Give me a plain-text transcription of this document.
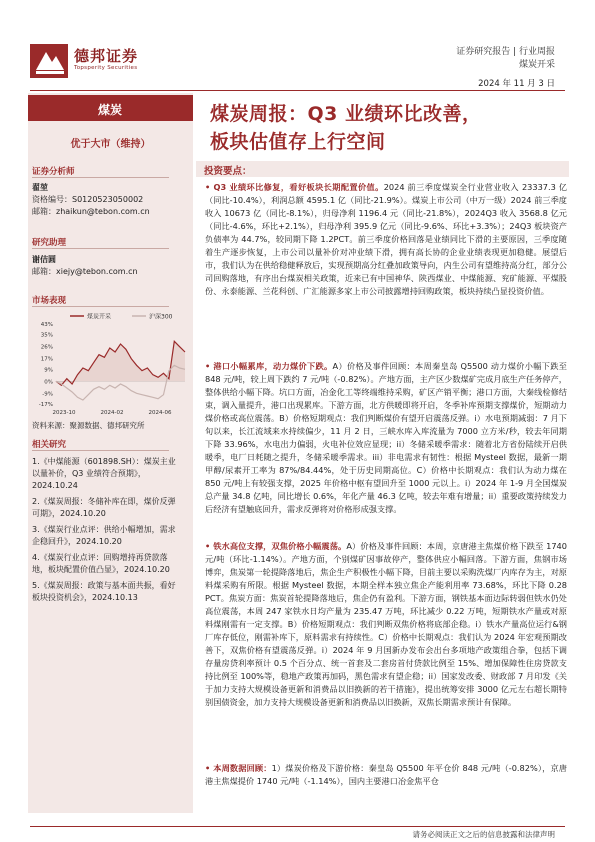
德邦证券
Topsperity Securities
证券研究报告 | 行业周报
煤炭开采
2024 年 11 月 3 日
煤炭
优于大市（维持）
证券分析师
翟堃
资格编号：S0120523050002
邮箱：zhaikun@tebon.com.cn
研究助理
谢佶圆
邮箱：xiejy@tebon.com.cn
市场表现
煤炭开采	沪深300
43%
35%
26%
17%
9%
0%
-9%
-17%
2023-10	2024-02	2024-06
资料来源：聚源数据、德邦研究所
相关研究
1.《中煤能源（601898.SH）：煤炭主业以量补价，Q3 业绩符合预期》，2024.10.24
2.《煤炭周报：冬储补库在即，煤价反弹可期》，2024.10.20
3.《煤炭行业点评：供给小幅增加，需求企稳回升》，2024.10.20
4.《煤炭行业点评：回购增持再贷款落地，板块配置价值凸显》，2024.10.20
5.《煤炭周报：政策与基本面共振，看好板块投资机会》，2024.10.13
煤炭周报：Q3 业绩环比改善，
板块估值存上行空间
投资要点：
• Q3 业绩环比修复，看好板块长期配置价值。2024 前三季度煤炭全行业营业收入 23337.3 亿（同比-10.4%），利润总额 4595.1 亿（同比-21.9%）。煤炭上市公司（中万一级）2024 前三季度收入 10673 亿（同比-8.1%），归母净利 1196.4 元（同比-21.8%），2024Q3 收入 3568.8 亿元（同比-4.6%，环比+2.1%），归母净利 395.9 亿元（同比-9.6%、环比+3.3%）；24Q3 板块资产负债率为 44.7%，较同期下降 1.2PCT。前三季度价格回落是业绩同比下滑的主要原因，三季度随着生产逐步恢复，上市公司以量补价对冲业绩下滑，拥有高长协的企业业绩表现更加稳健。展望后市，我们认为在供给稳健释放后，实现预期高分红叠加政策导向，内生公司有望维持高分红，部分公司回购落地，有序出台煤炭相关政策，近来已有中国神华、陕西煤业、中煤能源、兖矿能源、平煤股份、永泰能源、兰花科创、广汇能源多家上市公司披露增持回购政策，板块持续凸显投资价值。
• 港口小幅累库，动力煤价下跌。A）价格及事件回顾：本周秦皇岛 Q5500 动力煤价小幅下跌至 848 元/吨，较上周下跌约 7 元/吨（-0.82%）。产地方面，主产区少数煤矿完成月底生产任务停产，整体供给小幅下降。坑口方面，冶金化工等终端维持采购，矿区产销平衡；港口方面，大秦线检修结束，调入量提升，港口出现累库。下游方面，北方供暖即将开启，冬季补库预期支撑煤价，短期动力煤价格或高位震荡。B）价格短期观点：我们判断煤价有望开启震荡反弹。i）水电预期减弱：7 月下旬以来，长江流域来水持续偏少，11 月 2 日，三峡水库入库流量为 7000 立方米/秒，较去年同期下降 33.96%，水电出力偏弱，火电补位效应显现；ii）冬储采暖季需求：随着北方省份陆续开启供暖季，电厂日耗随之提升，冬储采暖季需求。iii）非电需求有韧性：根据 Mysteel 数据，最新一期甲醇/尿素开工率为 87%/84.44%，处于历史同期高位。C）价格中长期观点：我们认为动力煤在 850 元/吨上有较强支撑，2025 年价格中枢有望回升至 1000 元以上。i）2024 年 1-9 月全国煤炭总产量 34.8 亿吨，同比增长 0.6%，年化产量 46.3 亿吨，较去年难有增量；ii）重要政策持续发力后经济有望触底回升，需求反弹将对价格形成强支撑。
• 铁水高位支撑，双焦价格小幅震荡。A）价格及事件回顾：本周，京唐港主焦煤价格下跌至 1740 元/吨（环比-1.14%）。产地方面，个别煤矿因事故停产，整体供应小幅回落。下游方面，焦钢市场博弈，焦炭第一轮提降落地后，焦企生产积极性小幅下降，目前主要以采购洗煤厂内库存为主，对原料煤采购有所限。根据 Mysteel 数据，本期全样本独立焦企产能利用率 73.68%，环比下降 0.28 PCT。焦炭方面：焦炭首轮提降落地后，焦企仍有盈利。下游方面，钢铁基本面边际转弱但铁水仍处高位震荡，本周 247 家铁水日均产量为 235.47 万吨，环比减少 0.22 万吨，短期铁水产量或对原料煤刚需有一定支撑。B）价格短期观点：我们判断双焦价格将底部企稳。i）铁水产量高位运行&钢厂库存低位，刚需补库下，原料需求有持续性。C）价格中长期观点：我们认为 2024 年宏观预期改善下，双焦价格有望震荡反弹。i）2024 年 9 月国新办发布会出台多项地产政策组合拳，包括下调存量房贷利率预计 0.5 个百分点、统一首套及二套房首付贷款比例至 15%、增加保障性住房贷款支持比例至 100%等，稳地产政策再加码，黑色需求有望企稳；ii）国家发改委、财政部 7 月印发《关于加力支持大规模设备更新和消费品以旧换新的若干措施》，提出统筹安排 3000 亿元左右超长期特别国债资金，加力支持大规模设备更新和消费品以旧换新，双焦长期需求预计有保障。
• 本周数据回顾：1）煤炭价格及下游价格：秦皇岛 Q5500 年平仓价 848 元/吨（-0.82%），京唐港主焦煤提价 1740 元/吨（-1.14%），国内主要港口冶金焦平仓
请务必阅读正文之后的信息披露和法律声明
